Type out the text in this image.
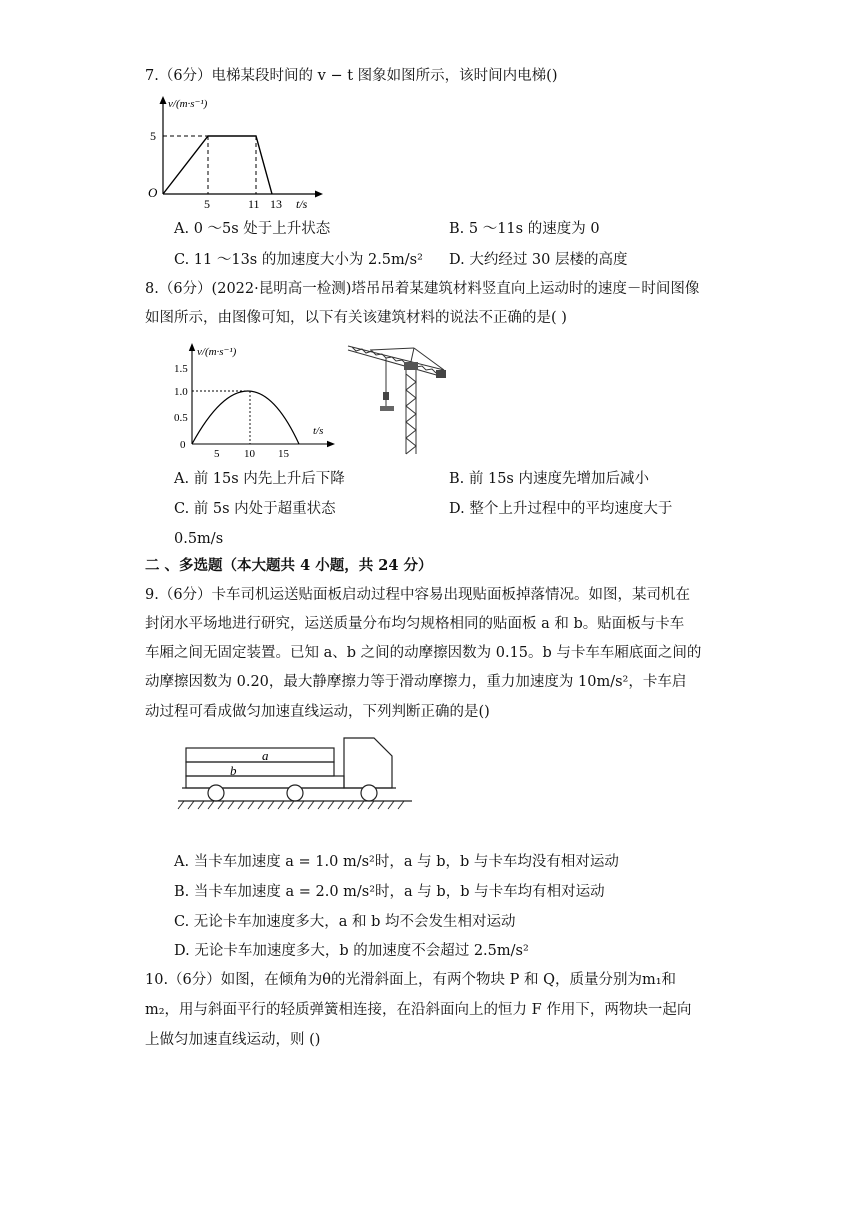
7.（6分）电梯某段时间的 v − t 图象如图所示，该时间内电梯()
v/(m·s⁻¹)
5
O
5	11 13 t/s
A. 0 ～5s 处于上升状态	B. 5 ～11s 的速度为 0
C. 11 ～13s 的加速度大小为 2.5m/s² D. 大约经过 30 层楼的高度
8.（6分）(2022·昆明高一检测)塔吊吊着某建筑材料竖直向上运动时的速度－时间图像
如图所示，由图像可知，以下有关该建筑材料的说法不正确的是( )
v/(m·s⁻¹)
1.5
1.0
0.5
0
5 10 15
t/s
A. 前 15s 内先上升后下降	B. 前 15s 内速度先增加后减小
C. 前 5s 内处于超重状态	D. 整个上升过程中的平均速度大于
0.5m/s
二 、多选题（本大题共 4 小题，共 24 分）
9.（6分）卡车司机运送贴面板启动过程中容易出现贴面板掉落情况。如图，某司机在
封闭水平场地进行研究，运送质量分布均匀规格相同的贴面板 a 和 b。贴面板与卡车
车厢之间无固定装置。已知 a、b 之间的动摩擦因数为 0.15。b 与卡车车厢底面之间的
动摩擦因数为 0.20，最大静摩擦力等于滑动摩擦力，重力加速度为 10m/s²，卡车启
动过程可看成做匀加速直线运动，下列判断正确的是()
a
b
A. 当卡车加速度 a = 1.0 m/s²时，a 与 b，b 与卡车均没有相对运动
B. 当卡车加速度 a = 2.0 m/s²时，a 与 b，b 与卡车均有相对运动
C. 无论卡车加速度多大，a 和 b 均不会发生相对运动
D. 无论卡车加速度多大，b 的加速度不会超过 2.5m/s²
10.（6分）如图，在倾角为θ的光滑斜面上，有两个物块 P 和 Q，质量分别为m₁和
m₂，用与斜面平行的轻质弹簧相连接，在沿斜面向上的恒力 F 作用下，两物块一起向
上做匀加速直线运动，则 ()
